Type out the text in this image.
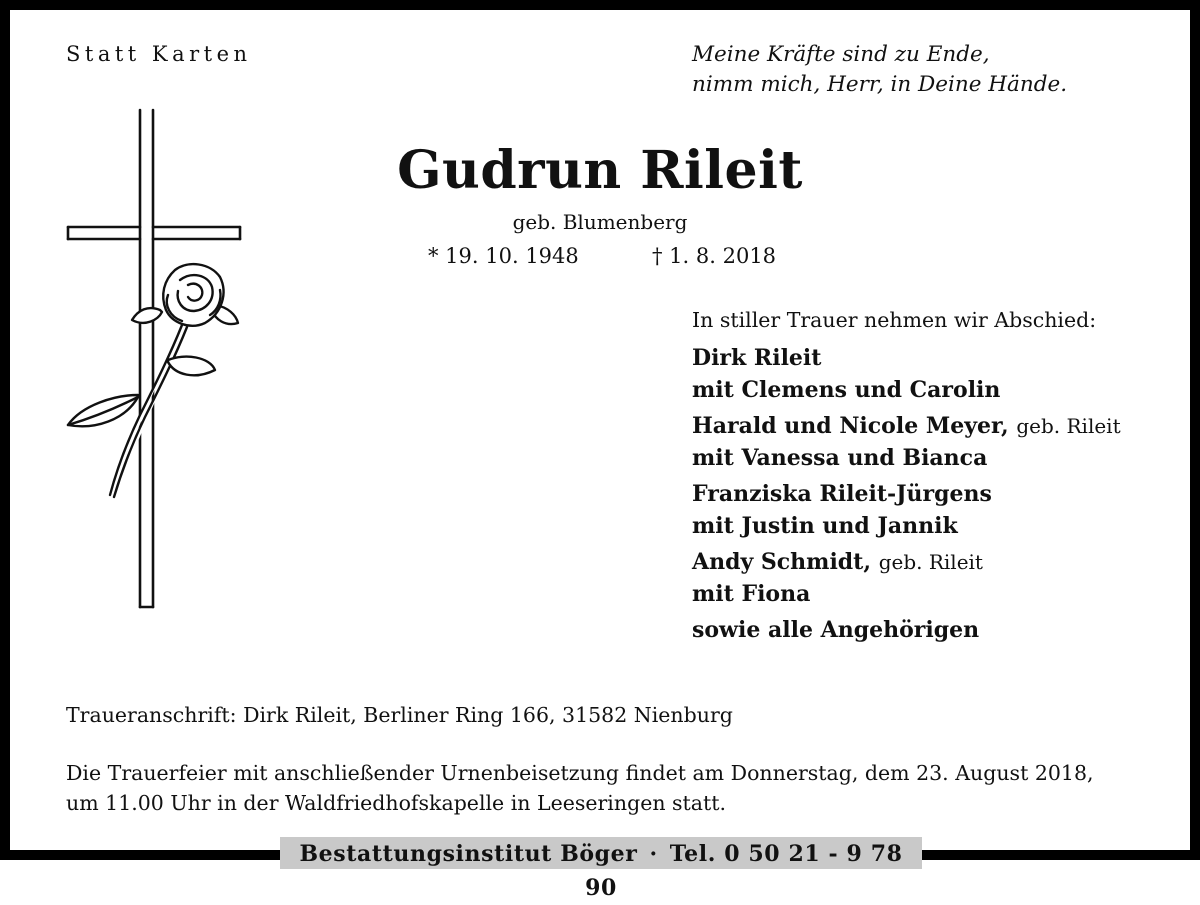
Statt Karten	Meine Kräfte sind zu Ende,
nimm mich, Herr, in Deine Hände.
Gudrun Rileit
geb. Blumenberg
* 19. 10. 1948	† 1. 8. 2018
In stiller Trauer nehmen wir Abschied:
Dirk Rileit
mit Clemens und Carolin
Harald und Nicole Meyer, geb. Rileit
mit Vanessa und Bianca
Franziska Rileit-Jürgens
mit Justin und Jannik
Andy Schmidt, geb. Rileit
mit Fiona
sowie alle Angehörigen
Traueranschrift: Dirk Rileit, Berliner Ring 166, 31582 Nienburg
Die Trauerfeier mit anschließender Urnenbeisetzung findet am Donnerstag, dem 23. August 2018,
um 11.00 Uhr in der Waldfriedhofskapelle in Leeseringen statt.
Bestattungsinstitut Böger · Tel. 0 50 21 - 9 78 90
